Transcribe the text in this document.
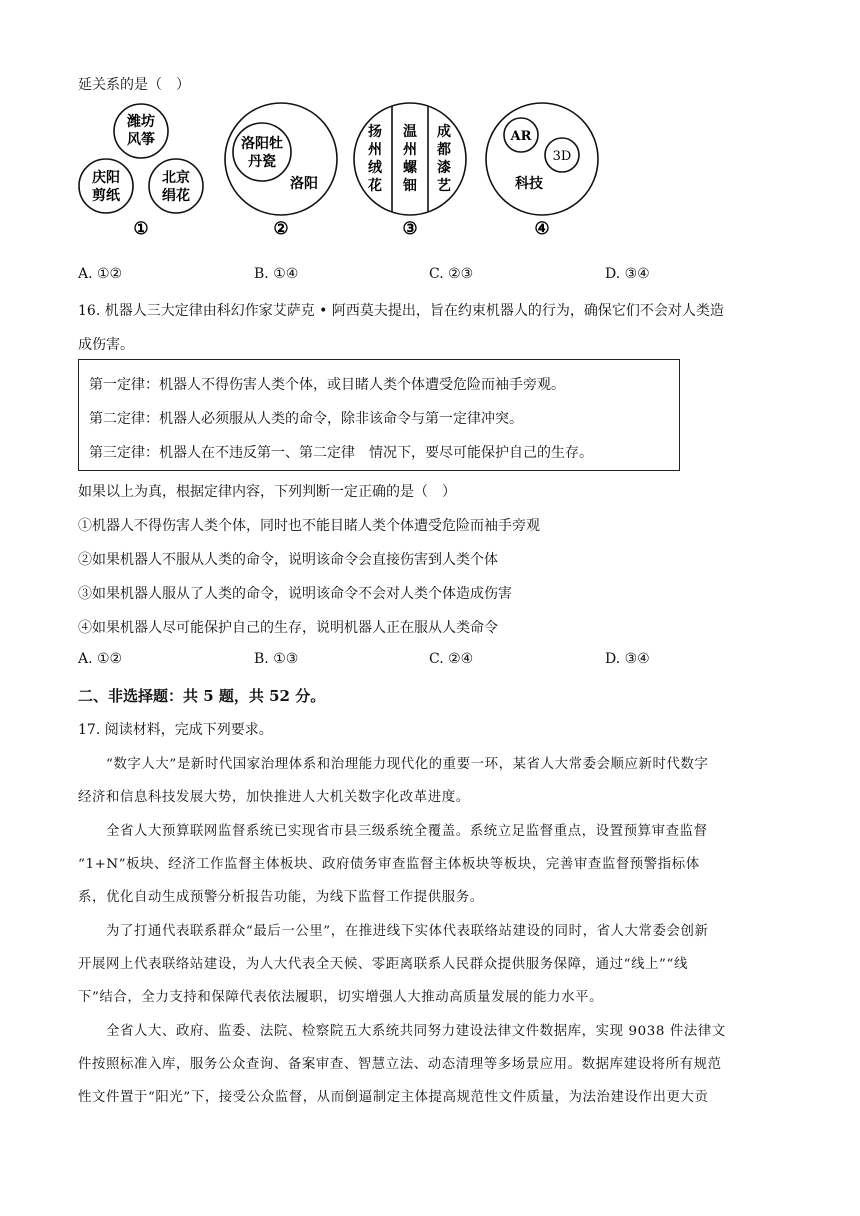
延关系的是（　）
潍坊
风筝
庆阳
剪纸
北京
绢花
①
洛阳牡
丹瓷
洛阳
②
扬
州
绒
花
温
州
螺
钿
成
都
漆
艺
③
AR
3D
科技
④
A. ①②	B. ①④	C. ②③	D. ③④
16. 机器人三大定律由科幻作家艾萨克 • 阿西莫夫提出，旨在约束机器人的行为，确保它们不会对人类造
成伤害。
第一定律：机器人不得伤害人类个体，或目睹人类个体遭受危险而袖手旁观。
第二定律：机器人必须服从人类的命令，除非该命令与第一定律冲突。
第三定律：机器人在不违反第一、第二定律　情况下，要尽可能保护自己的生存。
如果以上为真，根据定律内容，下列判断一定正确的是（　）
①机器人不得伤害人类个体，同时也不能目睹人类个体遭受危险而袖手旁观
②如果机器人不服从人类的命令，说明该命令会直接伤害到人类个体
③如果机器人服从了人类的命令，说明该命令不会对人类个体造成伤害
④如果机器人尽可能保护自己的生存，说明机器人正在服从人类命令
A. ①②	B. ①③	C. ②④	D. ③④
二、非选择题：共 5 题，共 52 分。
17. 阅读材料，完成下列要求。
“数字人大”是新时代国家治理体系和治理能力现代化的重要一环，某省人大常委会顺应新时代数字
经济和信息科技发展大势，加快推进人大机关数字化改革进度。
全省人大预算联网监督系统已实现省市县三级系统全覆盖。系统立足监督重点，设置预算审查监督
“1+N”板块、经济工作监督主体板块、政府债务审查监督主体板块等板块，完善审查监督预警指标体
系，优化自动生成预警分析报告功能，为线下监督工作提供服务。
为了打通代表联系群众“最后一公里”，在推进线下实体代表联络站建设的同时，省人大常委会创新
开展网上代表联络站建设，为人大代表全天候、零距离联系人民群众提供服务保障，通过“线上”“线
下”结合，全力支持和保障代表依法履职，切实增强人大推动高质量发展的能力水平。
全省人大、政府、监委、法院、检察院五大系统共同努力建设法律文件数据库，实现 9038 件法律文
件按照标准入库，服务公众查询、备案审查、智慧立法、动态清理等多场景应用。数据库建设将所有规范
性文件置于“阳光”下，接受公众监督，从而倒逼制定主体提高规范性文件质量，为法治建设作出更大贡
